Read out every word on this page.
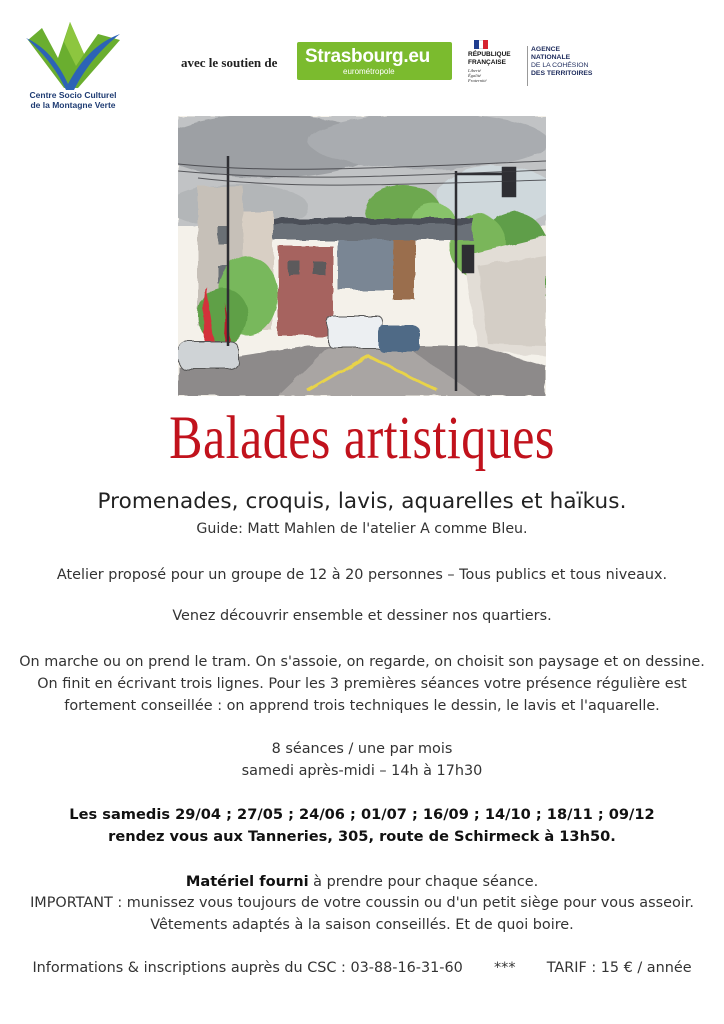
Centre Socio Culturel
de la Montagne Verte
avec le soutien de Strasbourg.eu
eurométropole
RÉPUBLIQUE
FRANÇAISE
Liberté
Égalité
Fraternité
AGENCE
NATIONALE
DE LA COHÉSION
DES TERRITOIRES
Balades artistiques
Promenades, croquis, lavis, aquarelles et haïkus.
Guide: Matt Mahlen de l'atelier A comme Bleu.
Atelier proposé pour un groupe de 12 à 20 personnes – Tous publics et tous niveaux.
Venez découvrir ensemble et dessiner nos quartiers.
On marche ou on prend le tram. On s'assoie, on regarde, on choisit son paysage et on dessine.
On finit en écrivant trois lignes. Pour les 3 premières séances votre présence régulière est
fortement conseillée : on apprend trois techniques le dessin, le lavis et l'aquarelle.
8 séances / une par mois
samedi après-midi – 14h à 17h30
Les samedis 29/04 ; 27/05 ; 24/06 ; 01/07 ; 16/09 ; 14/10 ; 18/11 ; 09/12
rendez vous aux Tanneries, 305, route de Schirmeck à 13h50.
Matériel fourni à prendre pour chaque séance.
IMPORTANT : munissez vous toujours de votre coussin ou d'un petit siège pour vous asseoir.
Vêtements adaptés à la saison conseillés. Et de quoi boire.
Informations & inscriptions auprès du CSC : 03-88-16-31-60 *** TARIF : 15 € / année
